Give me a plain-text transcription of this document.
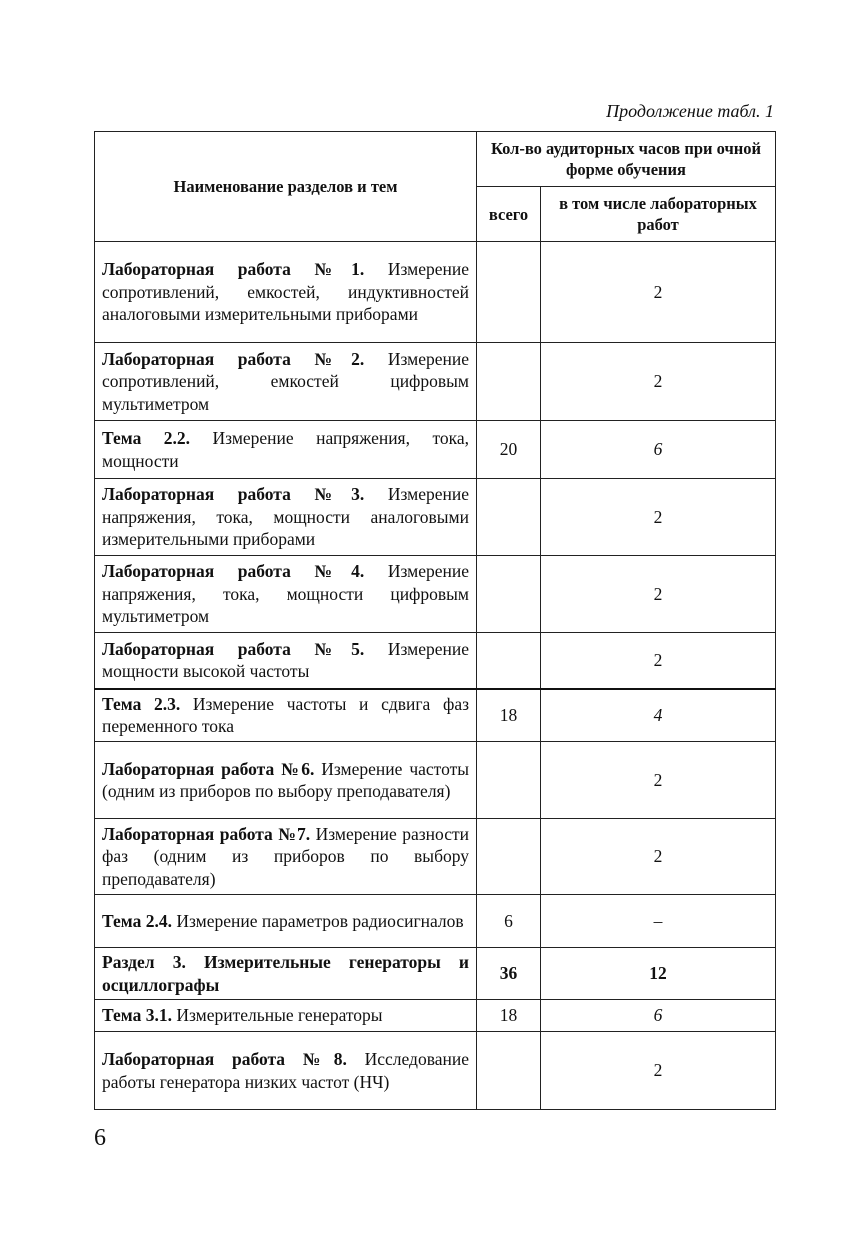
Продолжение табл. 1
Наименование разделов и тем	Кол-во аудиторных часов при очной форме обучения	
	всего	в том числе лабораторных работ
Лабораторная работа №1. Измерение сопротивлений, емкостей, индуктивностей аналоговыми измерительными приборами		2
Лабораторная работа №2. Измерение сопротивлений, емкостей цифровым мультиметром		2
Тема 2.2. Измерение напряжения, тока, мощности	20	6
Лабораторная работа №3. Измерение напряжения, тока, мощности аналоговыми измерительными приборами		2
Лабораторная работа №4. Измерение напряжения, тока, мощности цифровым мультиметром		2
Лабораторная работа №5. Измерение мощности высокой частоты		2
Тема 2.3. Измерение частоты и сдвига фаз переменного тока	18	4
Лабораторная работа №6. Измерение частоты (одним из приборов по выбору преподавателя)		2
Лабораторная работа №7. Измерение разности фаз (одним из приборов по выбору преподавателя)		2
Тема 2.4. Измерение параметров радиосигналов	6	–
Раздел 3. Измерительные генераторы и осциллографы	36	12
Тема 3.1. Измерительные генераторы	18	6
Лабораторная работа №8. Исследование работы генератора низких частот (НЧ)		2
6
